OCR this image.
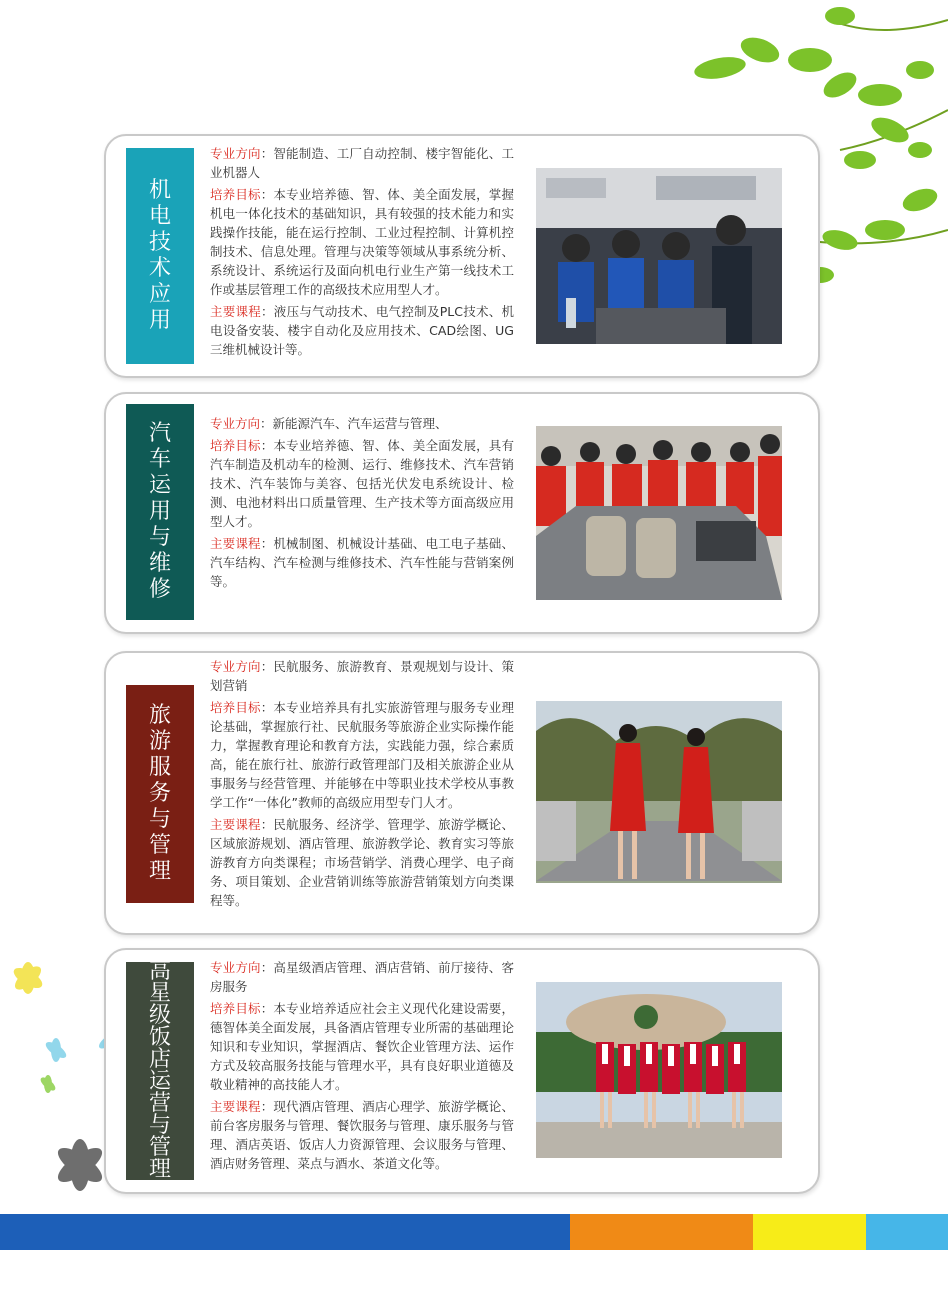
机电技术应用

专业方向：智能制造、工厂自动控制、楼宇智能化、工业机器人

培养目标：本专业培养德、智、体、美全面发展，掌握机电一体化技术的基础知识，具有较强的技术能力和实践操作技能，能在运行控制、工业过程控制、计算机控制技术、信息处理。管理与决策等领域从事系统分析、系统设计、系统运行及面向机电行业生产第一线技术工作或基层管理工作的高级技术应用型人才。

主要课程：液压与气动技术、电气控制及PLC技术、机电设备安装、楼宇自动化及应用技术、CAD绘图、UG三维机械设计等。

汽车运用与维修

专业方向：新能源汽车、汽车运营与管理、

培养目标：本专业培养德、智、体、美全面发展，具有汽车制造及机动车的检测、运行、维修技术、汽车营销技术、汽车装饰与美容、包括光伏发电系统设计、检测、电池材料出口质量管理、生产技术等方面高级应用型人才。

主要课程：机械制图、机械设计基础、电工电子基础、汽车结构、汽车检测与维修技术、汽车性能与营销案例等。

旅游服务与管理

专业方向：民航服务、旅游教育、景观规划与设计、策划营销

培养目标：本专业培养具有扎实旅游管理与服务专业理论基础，掌握旅行社、民航服务等旅游企业实际操作能力，掌握教育理论和教育方法，实践能力强，综合素质高，能在旅行社、旅游行政管理部门及相关旅游企业从事服务与经营管理、并能够在中等职业技术学校从事教学工作“一体化”教师的高级应用型专门人才。

主要课程：民航服务、经济学、管理学、旅游学概论、区域旅游规划、酒店管理、旅游教学论、教育实习等旅游教育方向类课程；市场营销学、消费心理学、电子商务、项目策划、企业营销训练等旅游营销策划方向类课程等。

高星级饭店运营与管理

专业方向：高星级酒店管理、酒店营销、前厅接待、客房服务

培养目标：本专业培养适应社会主义现代化建设需要，德智体美全面发展，具备酒店管理专业所需的基础理论知识和专业知识，掌握酒店、餐饮企业管理方法、运作方式及较高服务技能与管理水平，具有良好职业道德及敬业精神的高技能人才。

主要课程：现代酒店管理、酒店心理学、旅游学概论、前台客房服务与管理、餐饮服务与管理、康乐服务与管理、酒店英语、饭店人力资源管理、会议服务与管理、酒店财务管理、菜点与酒水、茶道文化等。
